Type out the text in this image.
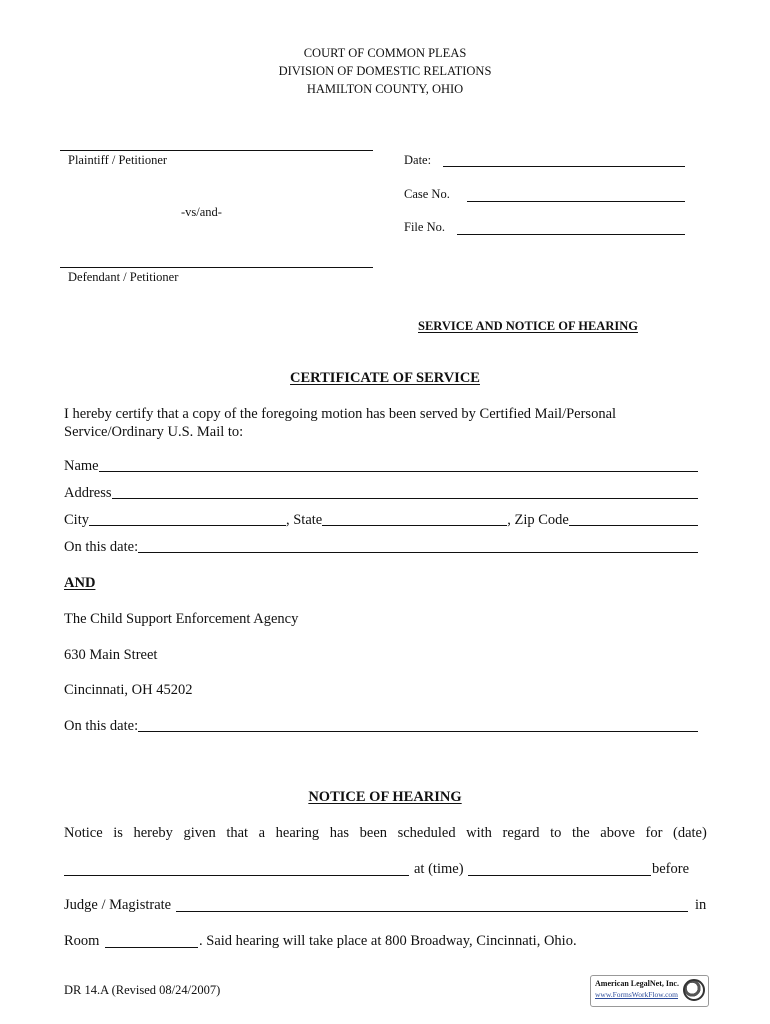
COURT OF COMMON PLEAS
DIVISION OF DOMESTIC RELATIONS
HAMILTON COUNTY, OHIO
Plaintiff / Petitioner
-vs/and-
Defendant / Petitioner
Date:
Case No.
File No.
SERVICE AND NOTICE OF HEARING
CERTIFICATE OF SERVICE
I hereby certify that a copy of the foregoing motion has been served by Certified Mail/Personal
Service/Ordinary U.S. Mail to:
Name
Address
City	, State	, Zip Code
On this date:
AND
The Child Support Enforcement Agency
630 Main Street
Cincinnati, OH 45202
On this date:
NOTICE OF HEARING
Notice is hereby given that a hearing has been scheduled with regard to the above for (date)
at (time)	before
Judge / Magistrate	in
Room	. Said hearing will take place at 800 Broadway, Cincinnati, Ohio.
DR 14.A (Revised 08/24/2007)	American LegalNet, Inc.
www.FormsWorkFlow.com
